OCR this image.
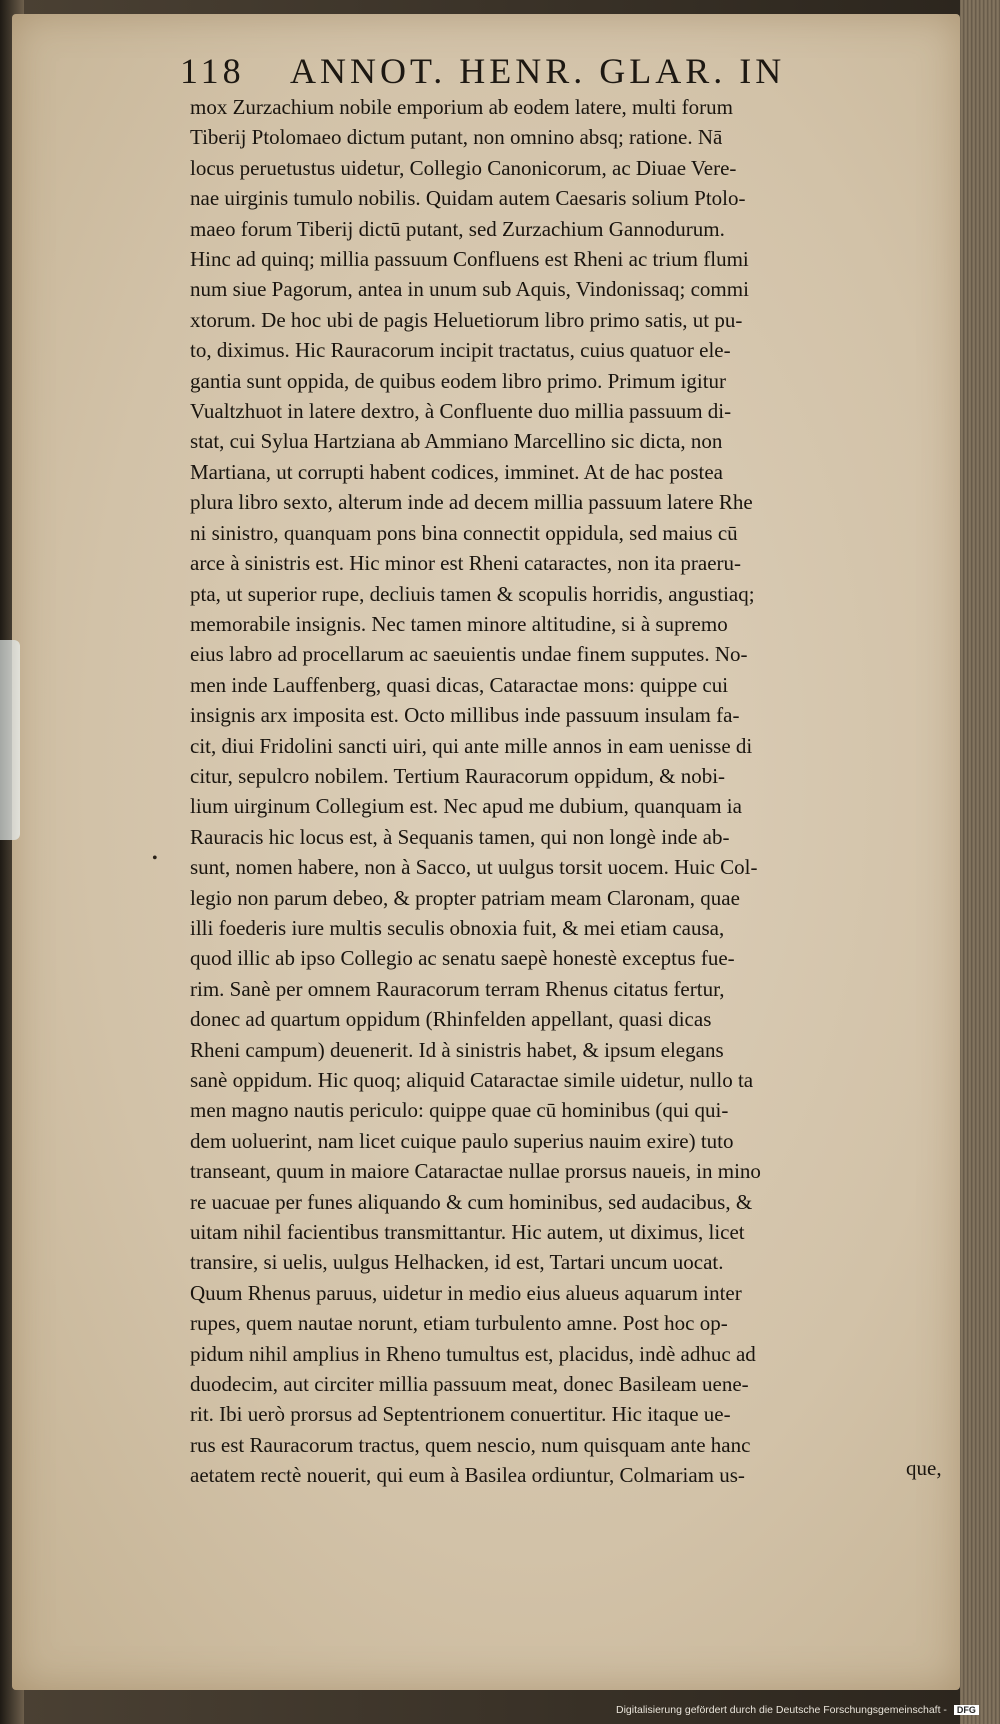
118 ANNOT. HENR. GLAR. IN
mox Zurzachium nobile emporium ab eodem latere, multi forum
Tiberij Ptolomaeo dictum putant, non omnino absq; ratione. Nā
locus peruetustus uidetur, Collegio Canonicorum, ac Diuae Vere-
nae uirginis tumulo nobilis. Quidam autem Caesaris solium Ptolo-
maeo forum Tiberij dictū putant, sed Zurzachium Gannodurum.
Hinc ad quinq; millia passuum Confluens est Rheni ac trium flumi
num siue Pagorum, antea in unum sub Aquis, Vindonissaq; commi
xtorum. De hoc ubi de pagis Heluetiorum libro primo satis, ut pu-
to, diximus. Hic Rauracorum incipit tractatus, cuius quatuor ele-
gantia sunt oppida, de quibus eodem libro primo. Primum igitur
Vualtzhuot in latere dextro, à Confluente duo millia passuum di-
stat, cui Sylua Hartziana ab Ammiano Marcellino sic dicta, non
Martiana, ut corrupti habent codices, imminet. At de hac postea
plura libro sexto, alterum inde ad decem millia passuum latere Rhe
ni sinistro, quanquam pons bina connectit oppidula, sed maius cū
arce à sinistris est. Hic minor est Rheni cataractes, non ita praeru-
pta, ut superior rupe, decliuis tamen & scopulis horridis, angustiaq;
memorabile insignis. Nec tamen minore altitudine, si à supremo
eius labro ad procellarum ac saeuientis undae finem supputes. No-
men inde Lauffenberg, quasi dicas, Cataractae mons: quippe cui
insignis arx imposita est. Octo millibus inde passuum insulam fa-
cit, diui Fridolini sancti uiri, qui ante mille annos in eam uenisse di
citur, sepulcro nobilem. Tertium Rauracorum oppidum, & nobi-
lium uirginum Collegium est. Nec apud me dubium, quanquam ia
Rauracis hic locus est, à Sequanis tamen, qui non longè inde ab-
sunt, nomen habere, non à Sacco, ut uulgus torsit uocem. Huic Col-
legio non parum debeo, & propter patriam meam Claronam, quae
illi foederis iure multis seculis obnoxia fuit, & mei etiam causa,
quod illic ab ipso Collegio ac senatu saepè honestè exceptus fue-
rim. Sanè per omnem Rauracorum terram Rhenus citatus fertur,
donec ad quartum oppidum (Rhinfelden appellant, quasi dicas
Rheni campum) deuenerit. Id à sinistris habet, & ipsum elegans
sanè oppidum. Hic quoq; aliquid Cataractae simile uidetur, nullo ta
men magno nautis periculo: quippe quae cū hominibus (qui qui-
dem uoluerint, nam licet cuique paulo superius nauim exire) tuto
transeant, quum in maiore Cataractae nullae prorsus naueis, in mino
re uacuae per funes aliquando & cum hominibus, sed audacibus, &
uitam nihil facientibus transmittantur. Hic autem, ut diximus, licet
transire, si uelis, uulgus Helhacken, id est, Tartari uncum uocat.
Quum Rhenus paruus, uidetur in medio eius alueus aquarum inter
rupes, quem nautae norunt, etiam turbulento amne. Post hoc op-
pidum nihil amplius in Rheno tumultus est, placidus, indè adhuc ad
duodecim, aut circiter millia passuum meat, donec Basileam uene-
rit. Ibi uerò prorsus ad Septentrionem conuertitur. Hic itaque ue-
rus est Rauracorum tractus, quem nescio, num quisquam ante hanc
aetatem rectè nouerit, qui eum à Basilea ordiuntur, Colmariam us-
•
que,
Digitalisierung gefördert durch die Deutsche Forschungsgemeinschaft - DFG
